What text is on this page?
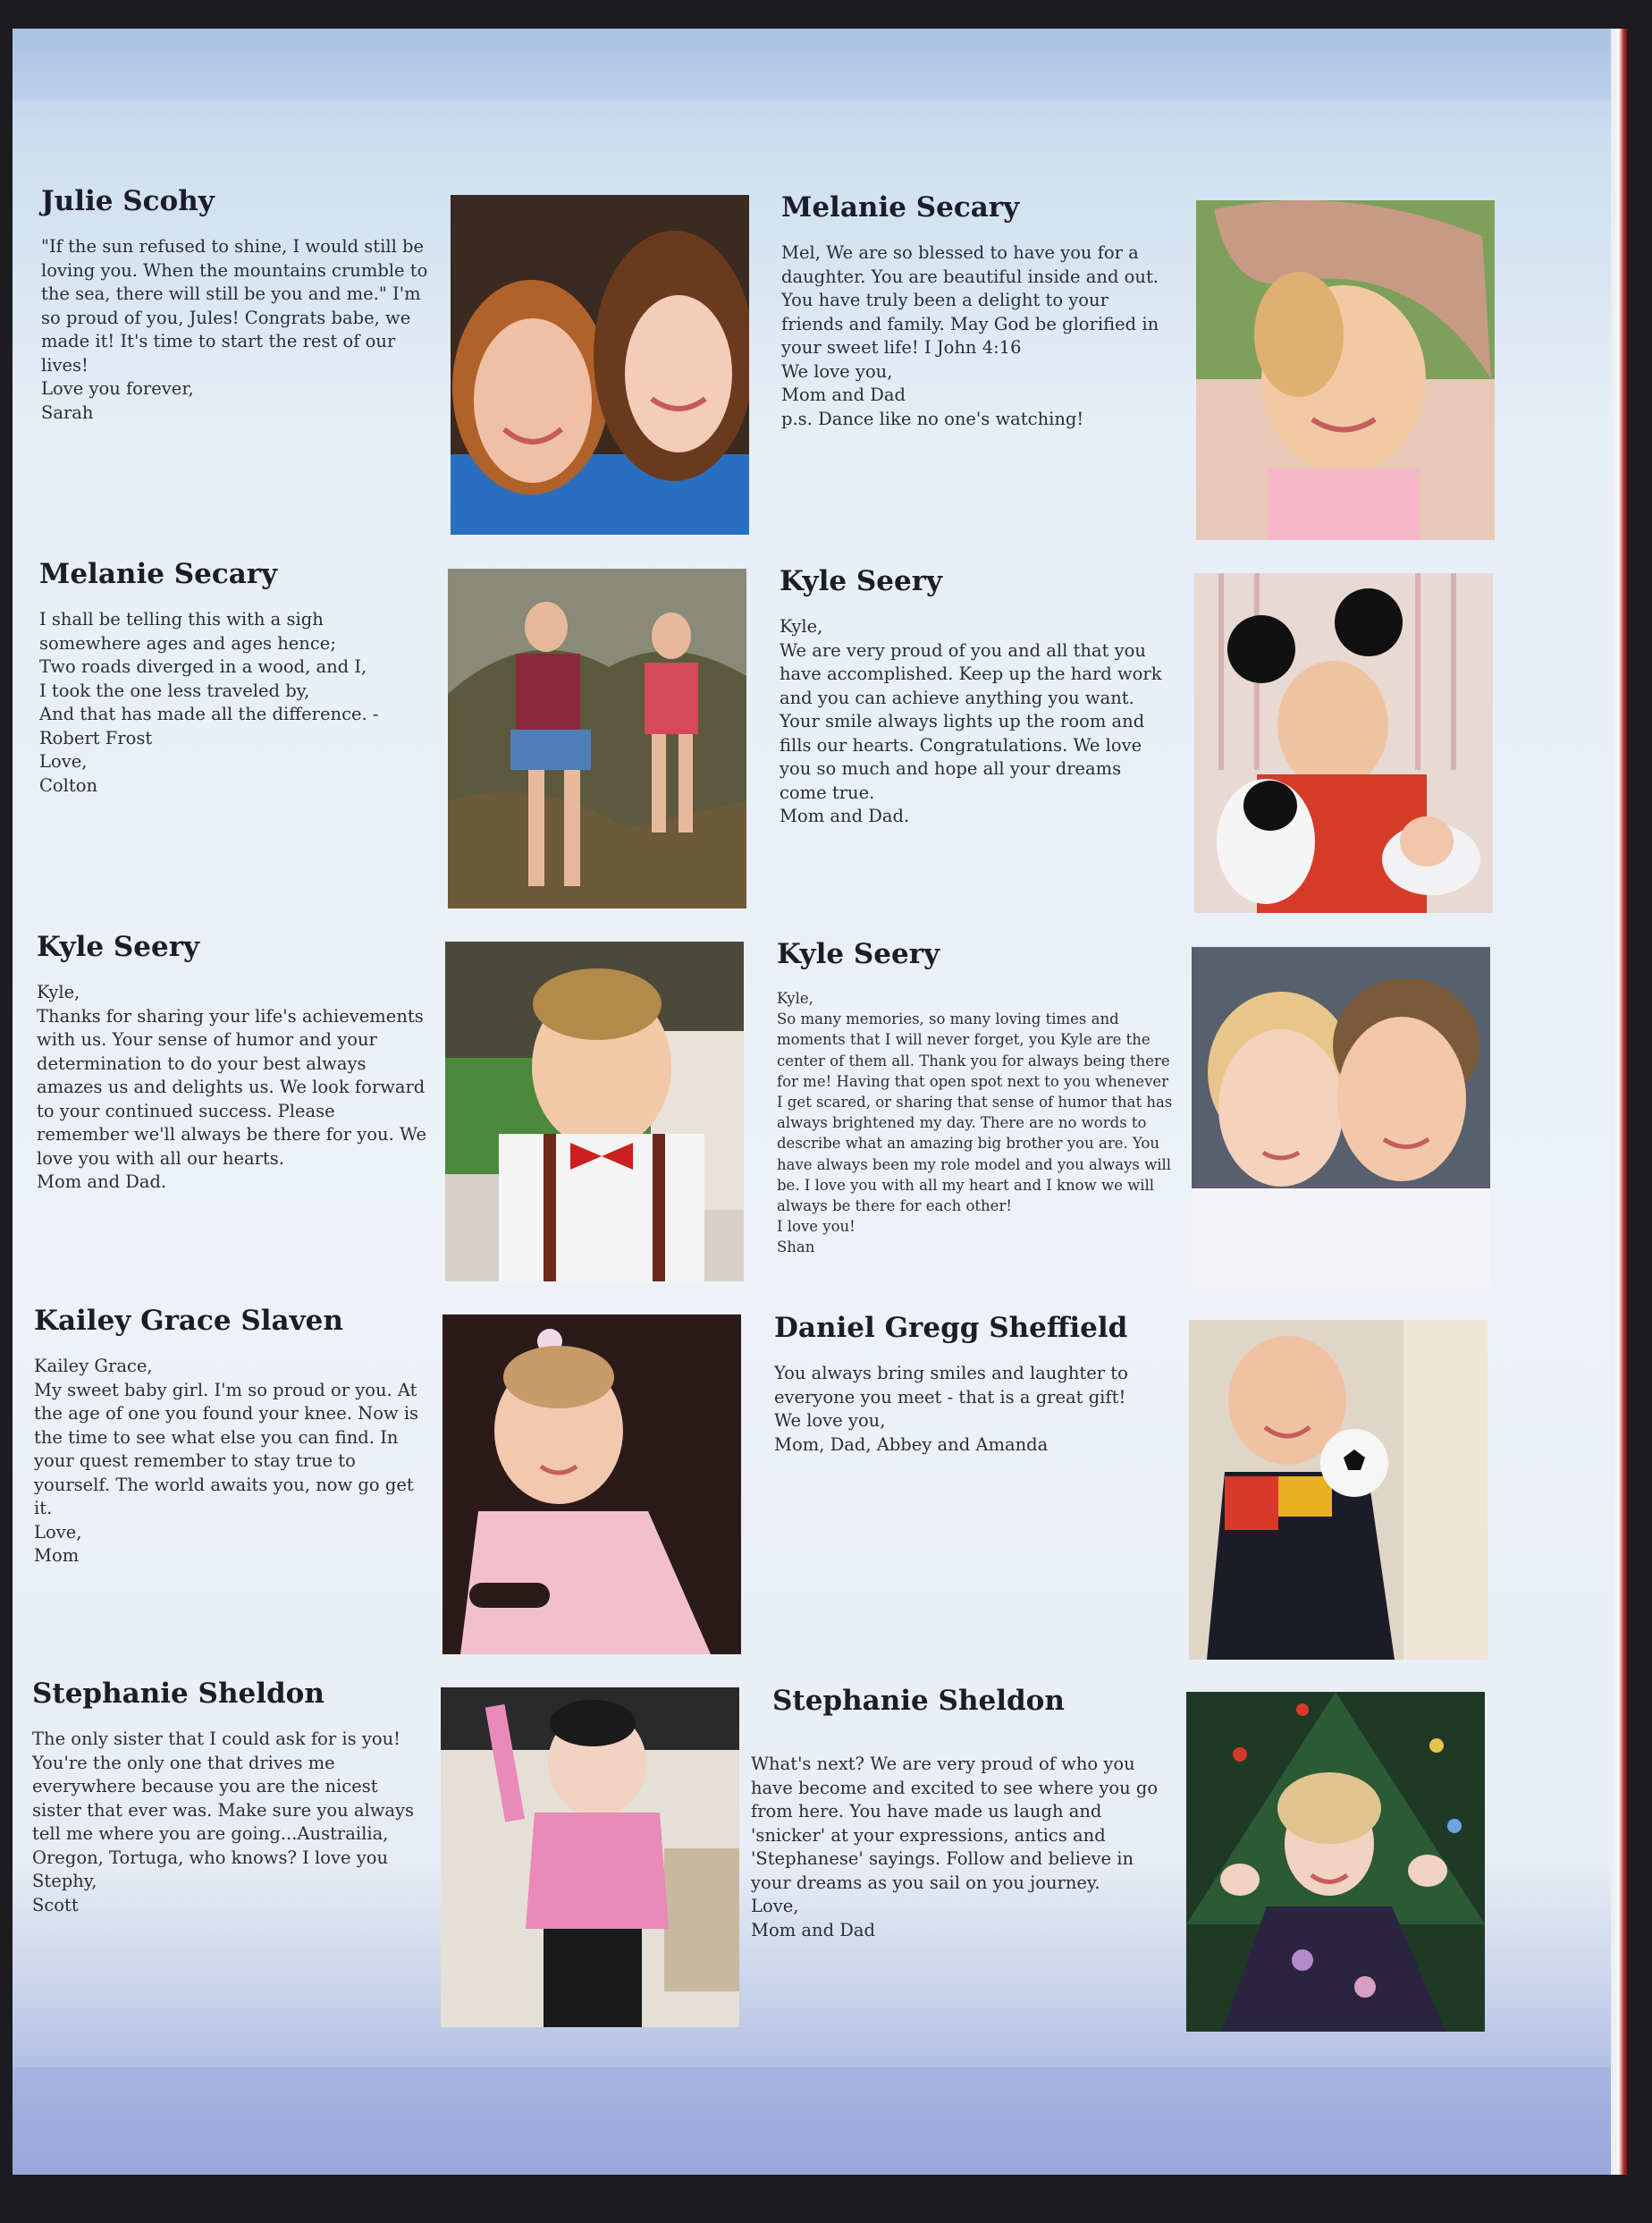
Julie Scohy

"If the sun refused to shine, I would still be loving you. When the mountains crumble to the sea, there will still be you and me." I'm so proud of you, Jules! Congrats babe, we made it! It's time to start the rest of our lives!
Love you forever,
Sarah

Melanie Secary

Mel, We are so blessed to have you for a daughter. You are beautiful inside and out. You have truly been a delight to your friends and family. May God be glorified in your sweet life! I John 4:16
We love you,
Mom and Dad
p.s. Dance like no one's watching!

Melanie Secary

I shall be telling this with a sigh
somewhere ages and ages hence;
Two roads diverged in a wood, and I,
I took the one less traveled by,
And that has made all the difference. - Robert Frost
Love,
Colton

Kyle Seery

Kyle,
We are very proud of you and all that you have accomplished. Keep up the hard work and you can achieve anything you want. Your smile always lights up the room and fills our hearts. Congratulations. We love you so much and hope all your dreams come true.
Mom and Dad.

Kyle Seery

Kyle,
Thanks for sharing your life's achievements with us. Your sense of humor and your determination to do your best always amazes us and delights us. We look forward to your continued success. Please remember we'll always be there for you. We love you with all our hearts.
Mom and Dad.

Kyle Seery

Kyle,
So many memories, so many loving times and moments that I will never forget, you Kyle are the center of them all. Thank you for always being there for me! Having that open spot next to you whenever I get scared, or sharing that sense of humor that has always brightened my day. There are no words to describe what an amazing big brother you are. You have always been my role model and you always will be. I love you with all my heart and I know we will always be there for each other!
I love you!
Shan

Kailey Grace Slaven

Kailey Grace,
My sweet baby girl. I'm so proud or you. At the age of one you found your knee. Now is the time to see what else you can find. In your quest remember to stay true to yourself. The world awaits you, now go get it.
Love,
Mom

Daniel Gregg Sheffield

You always bring smiles and laughter to everyone you meet - that is a great gift!
We love you,
Mom, Dad, Abbey and Amanda

Stephanie Sheldon

The only sister that I could ask for is you! You're the only one that drives me everywhere because you are the nicest sister that ever was. Make sure you always tell me where you are going...Austrailia, Oregon, Tortuga, who knows? I love you Stephy,
Scott

Stephanie Sheldon

What's next? We are very proud of who you have become and excited to see where you go from here. You have made us laugh and 'snicker' at your expressions, antics and 'Stephanese' sayings. Follow and believe in your dreams as you sail on you journey.
Love,
Mom and Dad
